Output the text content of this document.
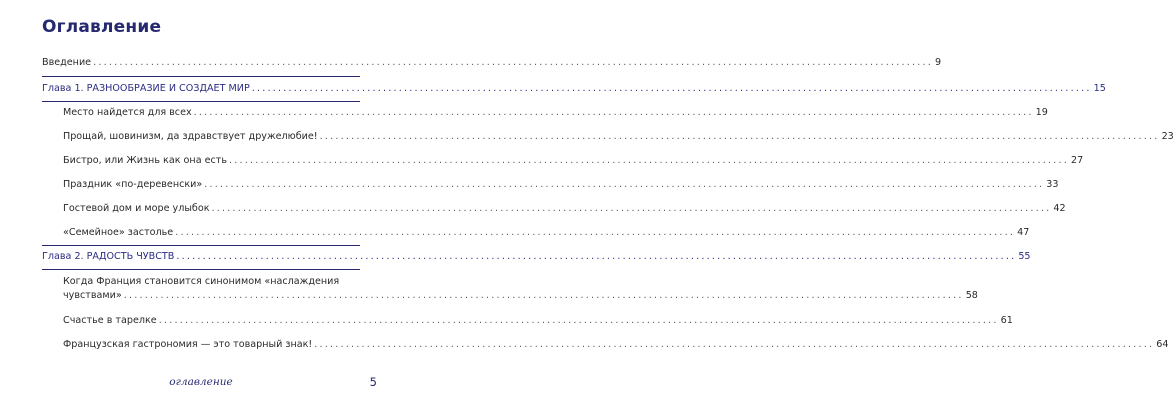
Оглавление
Введение ................................................................................................................................................................ 9
Глава 1. РАЗНООБРАЗИЕ И СОЗДАЕТ МИР ................................................................................................................................................................ 15
Место найдется для всех ................................................................................................................................................................ 19
Прощай, шовинизм, да здравствует дружелюбие! ................................................................................................................................................................ 23
Бистро, или Жизнь как она есть ................................................................................................................................................................ 27
Праздник «по-деревенски» ................................................................................................................................................................ 33
Гостевой дом и море улыбок ................................................................................................................................................................ 42
«Семейное» застолье ................................................................................................................................................................ 47
Глава 2. РАДОСТЬ ЧУВСТВ ................................................................................................................................................................ 55
Когда Франция становится синонимом «наслаждения
чувствами» ................................................................................................................................................................ 58
Счастье в тарелке ................................................................................................................................................................ 61
Французская гастрономия — это товарный знак! ................................................................................................................................................................ 64
оглавление	5
